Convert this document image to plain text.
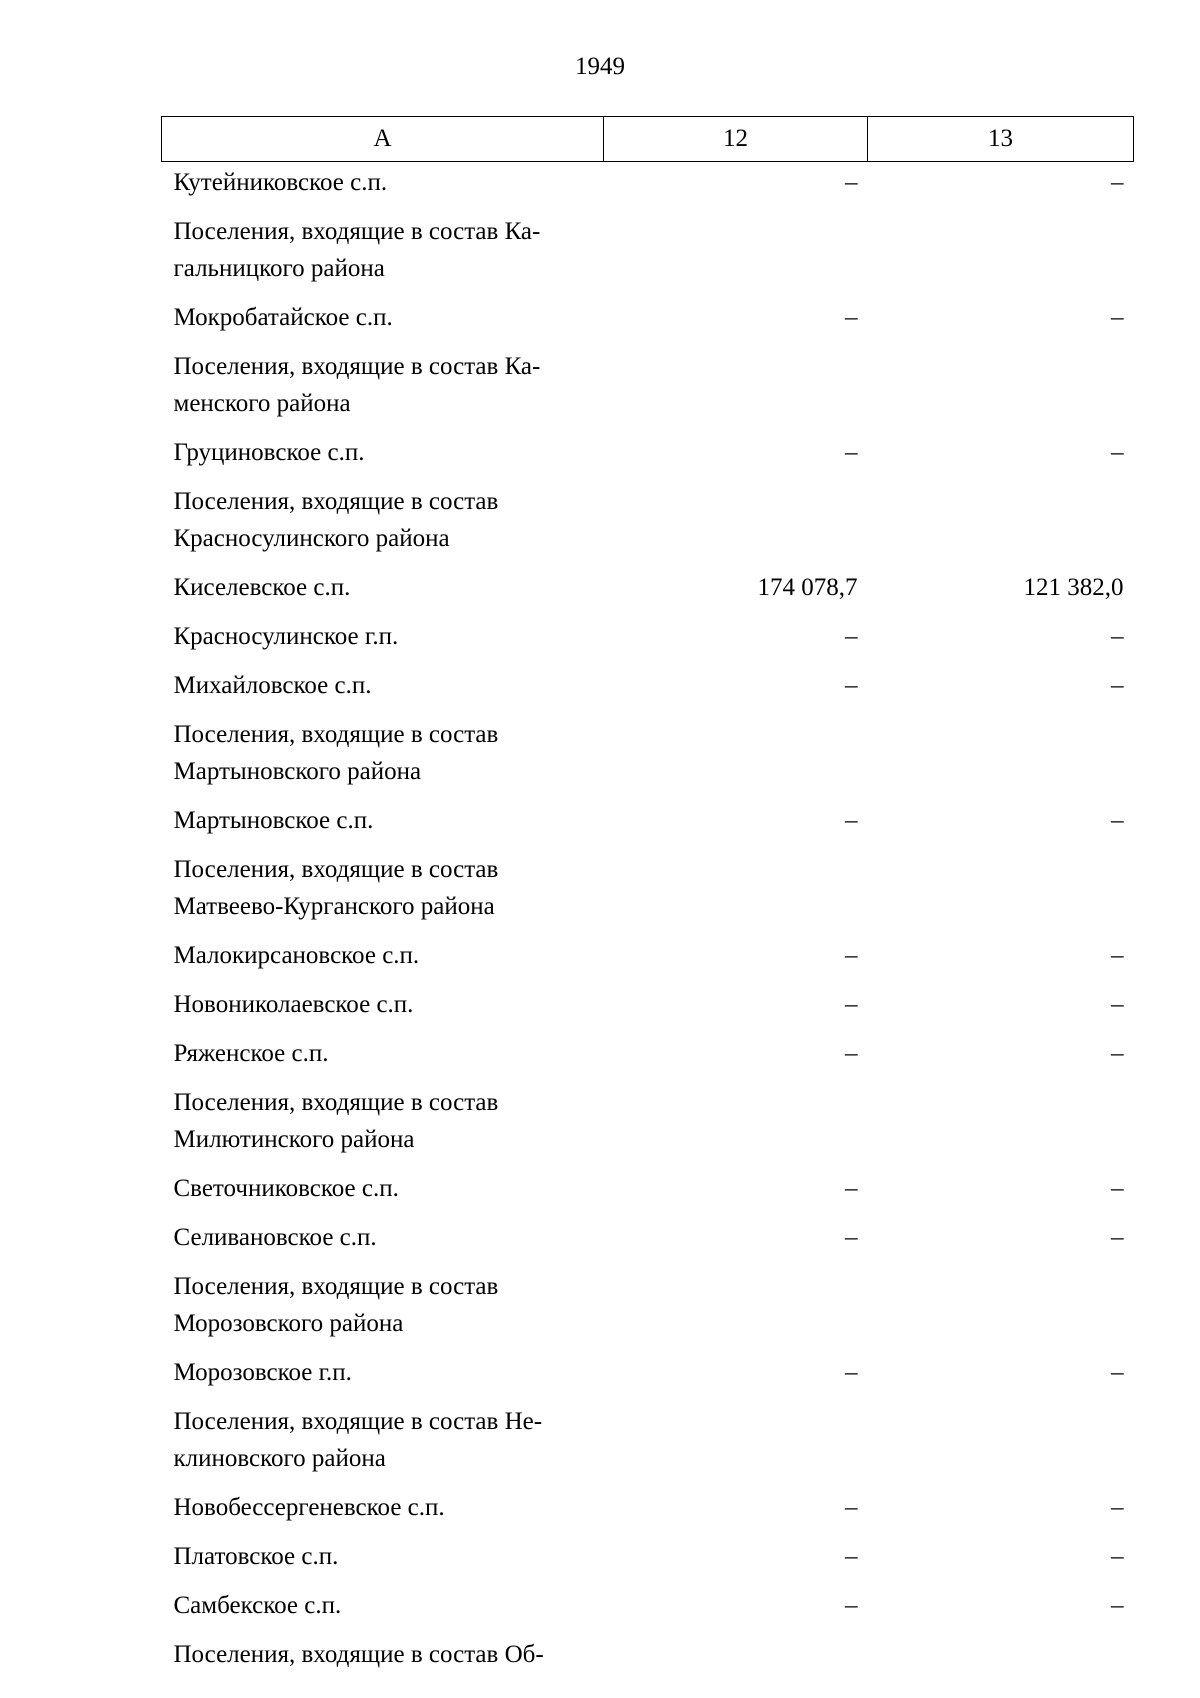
1949
А	12	13
Кутейниковское с.п.	–	–
Поселения, входящие в состав Ка-гальницкого района		
Мокробатайское с.п.	–	–
Поселения, входящие в состав Ка-менского района		
Груциновское с.п.	–	–
Поселения, входящие в состав Красносулинского района		
Киселевское с.п.	174 078,7	121 382,0
Красносулинское г.п.	–	–
Михайловское с.п.	–	–
Поселения, входящие в состав Мартыновского района		
Мартыновское с.п.	–	–
Поселения, входящие в состав Матвеево-Курганского района		
Малокирсановское с.п.	–	–
Новониколаевское с.п.	–	–
Ряженское с.п.	–	–
Поселения, входящие в состав Милютинского района		
Светочниковское с.п.	–	–
Селивановское с.п.	–	–
Поселения, входящие в состав Морозовского района		
Морозовское г.п.	–	–
Поселения, входящие в состав Не-клиновского района		
Новобессергеневское с.п.	–	–
Платовское с.п.	–	–
Самбекское с.п.	–	–
Поселения, входящие в состав Об-		
